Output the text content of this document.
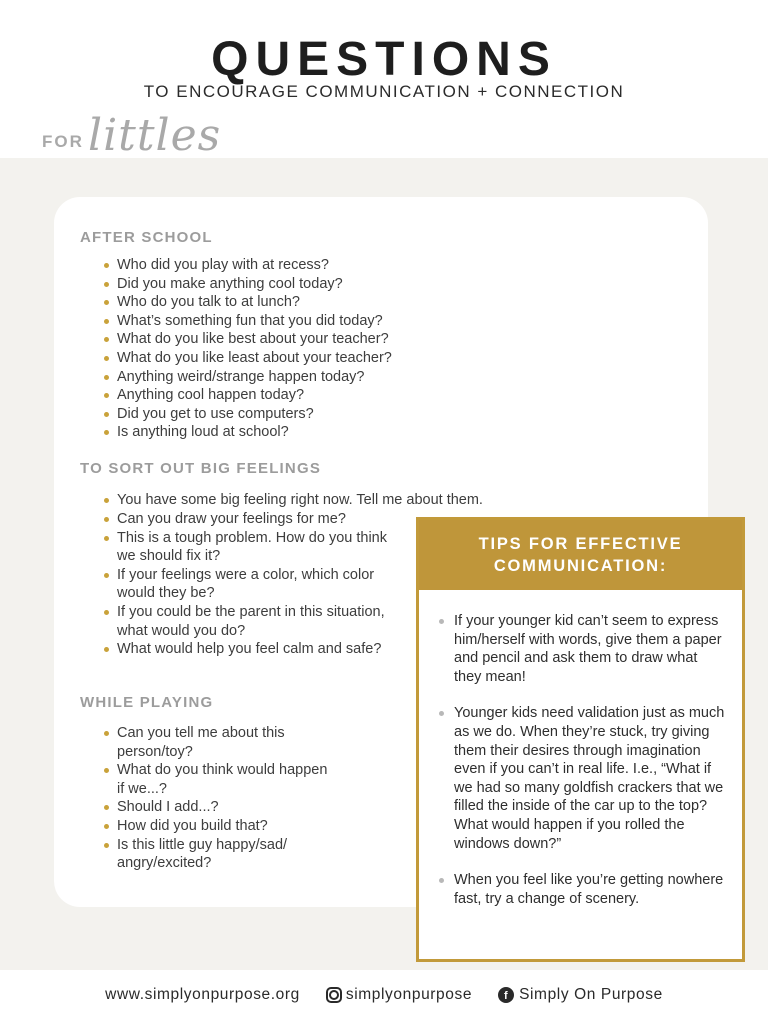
QUESTIONS
TO ENCOURAGE COMMUNICATION + CONNECTION
FOR littles
AFTER SCHOOL
Who did you play with at recess?
Did you make anything cool today?
Who do you talk to at lunch?
What’s something fun that you did today?
What do you like best about your teacher?
What do you like least about your teacher?
Anything weird/strange happen today?
Anything cool happen today?
Did you get to use computers?
Is anything loud at school?
TO SORT OUT BIG FEELINGS
You have some big feeling right now. Tell me about them.
Can you draw your feelings for me?
This is a tough problem. How do you think we should fix it?
If your feelings were a color, which color would they be?
If you could be the parent in this situation, what would you do?
What would help you feel calm and safe?
WHILE PLAYING
Can you tell me about this person/toy?
What do you think would happen if we...?
Should I add...?
How did you build that?
Is this little guy happy/sad/ angry/excited?
TIPS FOR EFFECTIVE
COMMUNICATION:
If your younger kid can’t seem to express him/herself with words, give them a paper and pencil and ask them to draw what they mean!
Younger kids need validation just as much as we do. When they’re stuck, try giving them their desires through imagination even if you can’t in real life. I.e., “What if we had so many goldfish crackers that we filled the inside of the car up to the top? What would happen if you rolled the windows down?”
When you feel like you’re getting nowhere fast, try a change of scenery.
www.simplyonpurpose.org	simplyonpurpose	f Simply On Purpose
